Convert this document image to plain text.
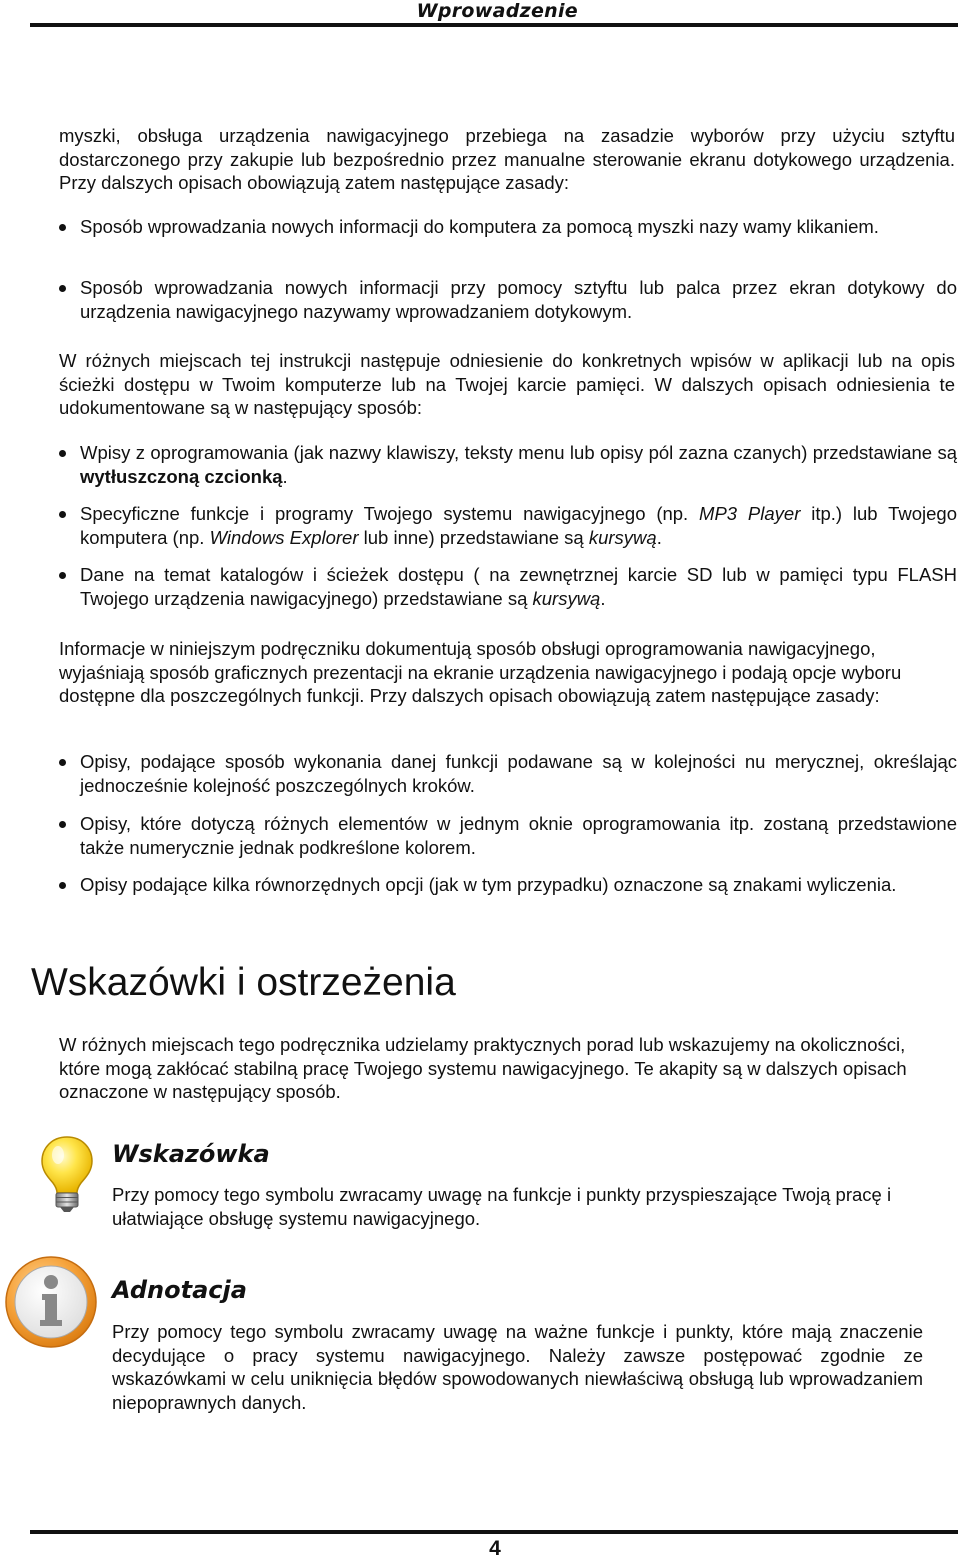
Wprowadzenie

myszki, obsługa urządzenia nawigacyjnego przebiega na zasadzie wyborów przy użyciu sztyftu dostarczonego przy zakupie lub bezpośrednio przez manualne sterowanie ekranu dotykowego urządzenia. Przy dalszych opisach obowiązują zatem następujące zasady:

Sposób wprowadzania nowych informacji do komputera za pomocą myszki nazy wamy klikaniem.

Sposób wprowadzania nowych informacji przy pomocy sztyftu lub palca przez ekran dotykowy do urządzenia nawigacyjnego nazywamy wprowadzaniem dotykowym.

W różnych miejscach tej instrukcji następuje odniesienie do konkretnych wpisów w aplikacji lub na opis ścieżki dostępu w Twoim komputerze lub na Twojej karcie pamięci. W dalszych opisach odniesienia te udokumentowane są w następujący sposób:

Wpisy z oprogramowania (jak nazwy klawiszy, teksty menu lub opisy pól zazna czanych) przedstawiane są wytłuszczoną czcionką.

Specyficzne funkcje i programy Twojego systemu nawigacyjnego (np. MP3 Player itp.) lub Twojego komputera (np. Windows Explorer lub inne) przedstawiane są kursywą.

Dane na temat katalogów i ścieżek dostępu ( na zewnętrznej karcie SD lub w pamięci typu FLASH Twojego urządzenia nawigacyjnego) przedstawiane są kursywą.

Informacje w niniejszym podręczniku dokumentują sposób obsługi oprogramowania nawigacyjnego, wyjaśniają sposób graficznych prezentacji na ekranie urządzenia nawigacyjnego i podają opcje wyboru dostępne dla poszczególnych funkcji. Przy dalszych opisach obowiązują zatem następujące zasady:

Opisy, podające sposób wykonania danej funkcji podawane są w kolejności nu merycznej, określając jednocześnie kolejność poszczególnych kroków.

Opisy, które dotyczą różnych elementów w jednym oknie oprogramowania itp. zostaną przedstawione także numerycznie jednak podkreślone kolorem.

Opisy podające kilka równorzędnych opcji (jak w tym przypadku) oznaczone są znakami wyliczenia.

Wskazówki i ostrzeżenia

W różnych miejscach tego podręcznika udzielamy praktycznych porad lub wskazujemy na okoliczności, które mogą zakłócać stabilną pracę Twojego systemu nawigacyjnego. Te akapity są w dalszych opisach oznaczone w następujący sposób.

Wskazówka

Przy pomocy tego symbolu zwracamy uwagę na funkcje i punkty przyspieszające Twoją pracę i ułatwiające obsługę systemu nawigacyjnego.

Adnotacja

Przy pomocy tego symbolu zwracamy uwagę na ważne funkcje i punkty, które mają znaczenie decydujące o pracy systemu nawigacyjnego. Należy zawsze postępować zgodnie ze wskazówkami w celu uniknięcia błędów spowodowanych niewłaściwą obsługą lub wprowadzaniem niepoprawnych danych.

4
